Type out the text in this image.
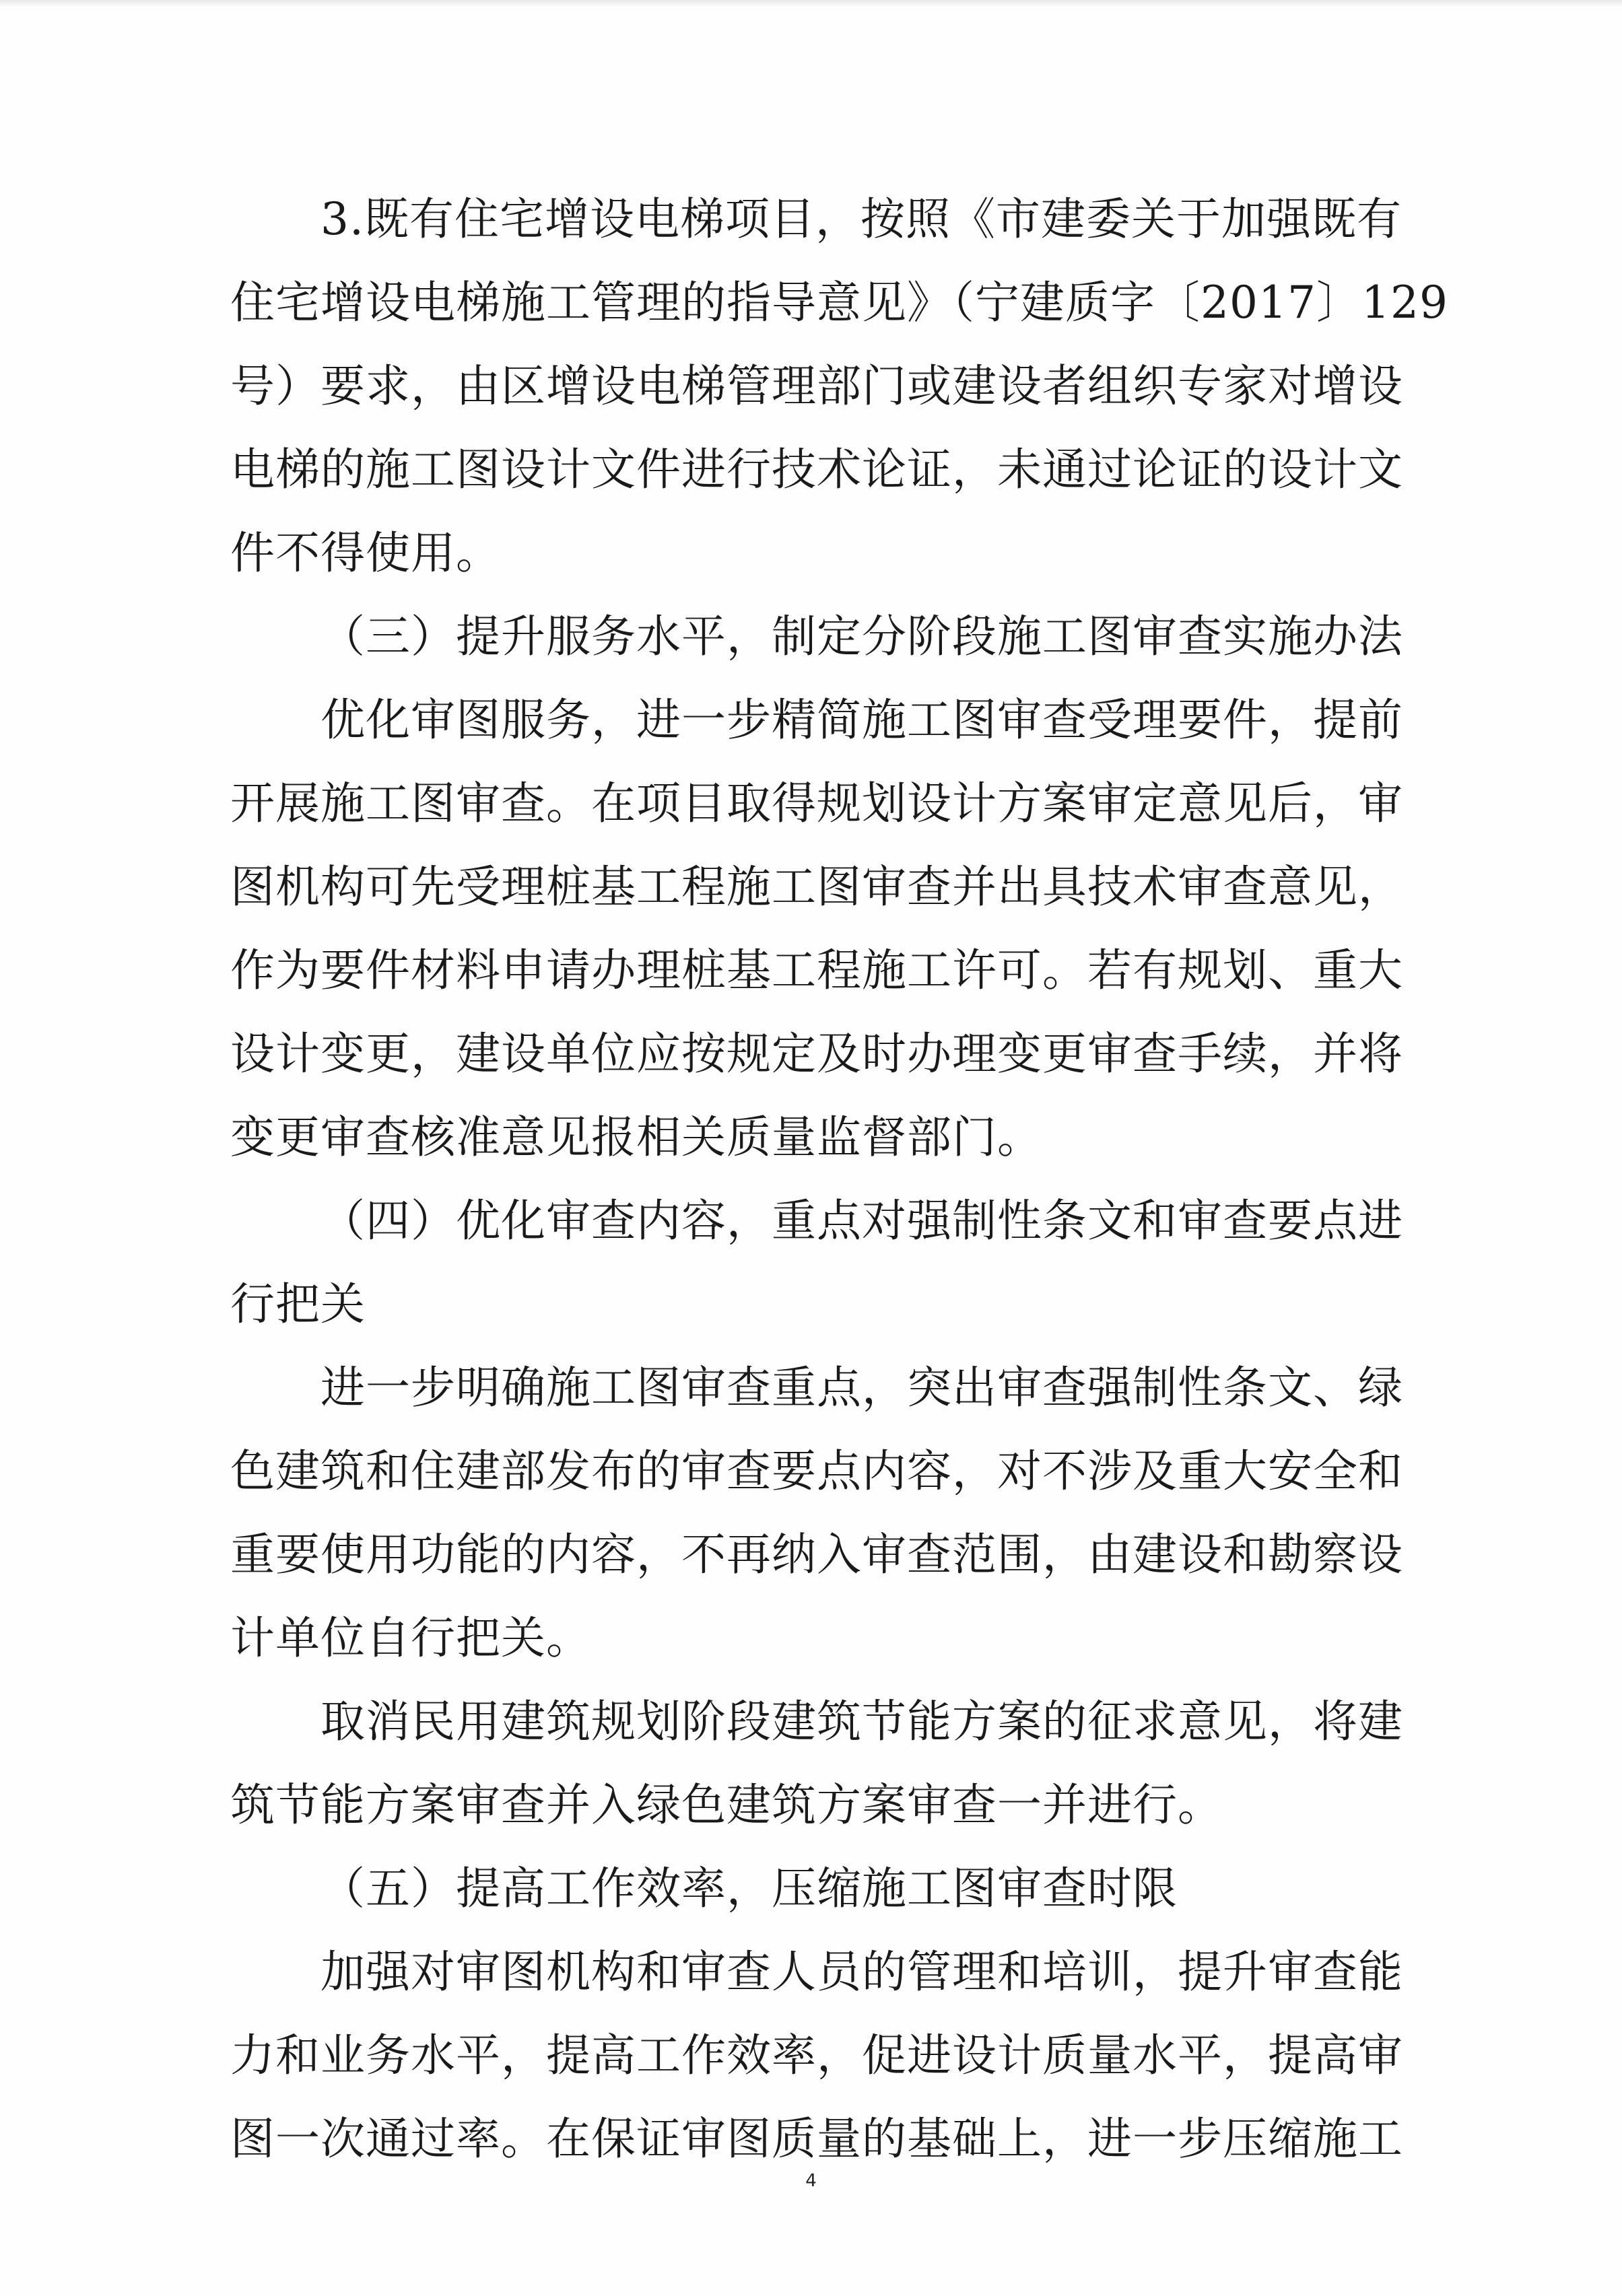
3.既有住宅增设电梯项目，按照《市建委关于加强既有
住宅增设电梯施工管理的指导意见》（宁建质字〔2017〕129
号）要求，由区增设电梯管理部门或建设者组织专家对增设
电梯的施工图设计文件进行技术论证，未通过论证的设计文
件不得使用。
（三）提升服务水平，制定分阶段施工图审查实施办法
优化审图服务，进一步精简施工图审查受理要件，提前
开展施工图审查。在项目取得规划设计方案审定意见后，审
图机构可先受理桩基工程施工图审查并出具技术审查意见，
作为要件材料申请办理桩基工程施工许可。若有规划、重大
设计变更，建设单位应按规定及时办理变更审查手续，并将
变更审查核准意见报相关质量监督部门。
（四）优化审查内容，重点对强制性条文和审查要点进
行把关
进一步明确施工图审查重点，突出审查强制性条文、绿
色建筑和住建部发布的审查要点内容，对不涉及重大安全和
重要使用功能的内容，不再纳入审查范围，由建设和勘察设
计单位自行把关。
取消民用建筑规划阶段建筑节能方案的征求意见，将建
筑节能方案审查并入绿色建筑方案审查一并进行。
（五）提高工作效率，压缩施工图审查时限
加强对审图机构和审查人员的管理和培训，提升审查能
力和业务水平，提高工作效率，促进设计质量水平，提高审
图一次通过率。在保证审图质量的基础上，进一步压缩施工
4
